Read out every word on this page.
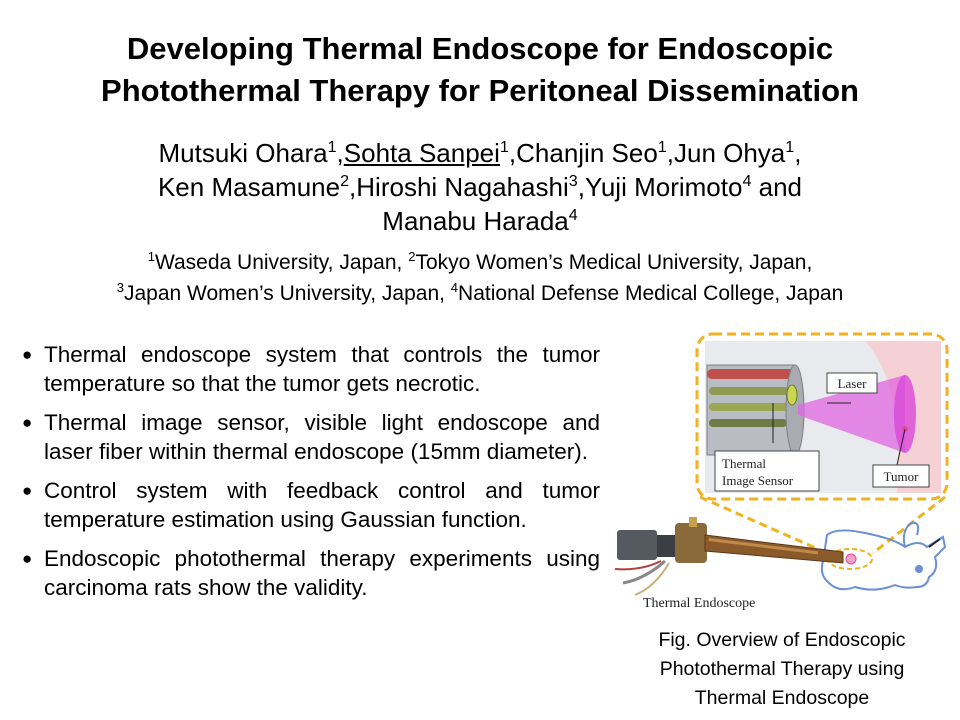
Developing Thermal Endoscope for Endoscopic
Photothermal Therapy for Peritoneal Dissemination
Mutsuki Ohara$^1$,Sohta Sanpei$^1$,Chanjin Seo$^1$,Jun Ohya$^1$,
Ken Masamune$^2$,Hiroshi Nagahashi$^3$,Yuji Morimoto$^4$ and
Manabu Harada$^4$
$^1$Waseda University, Japan, $^2$Tokyo Women’s Medical University, Japan,
$^3$Japan Women’s University, Japan, $^4$National Defense Medical College, Japan
● Thermal endoscope system that controls the tumor temperature so that the tumor gets necrotic.
● Thermal image sensor, visible light endoscope and laser fiber within thermal endoscope (15mm diameter).
● Control system with feedback control and tumor temperature estimation using Gaussian function.
● Endoscopic photothermal therapy experiments using carcinoma rats show the validity.
Laser
Tumor
Thermal
Image Sensor
Thermal Endoscope
Fig. Overview of Endoscopic
Photothermal Therapy using
Thermal Endoscope
